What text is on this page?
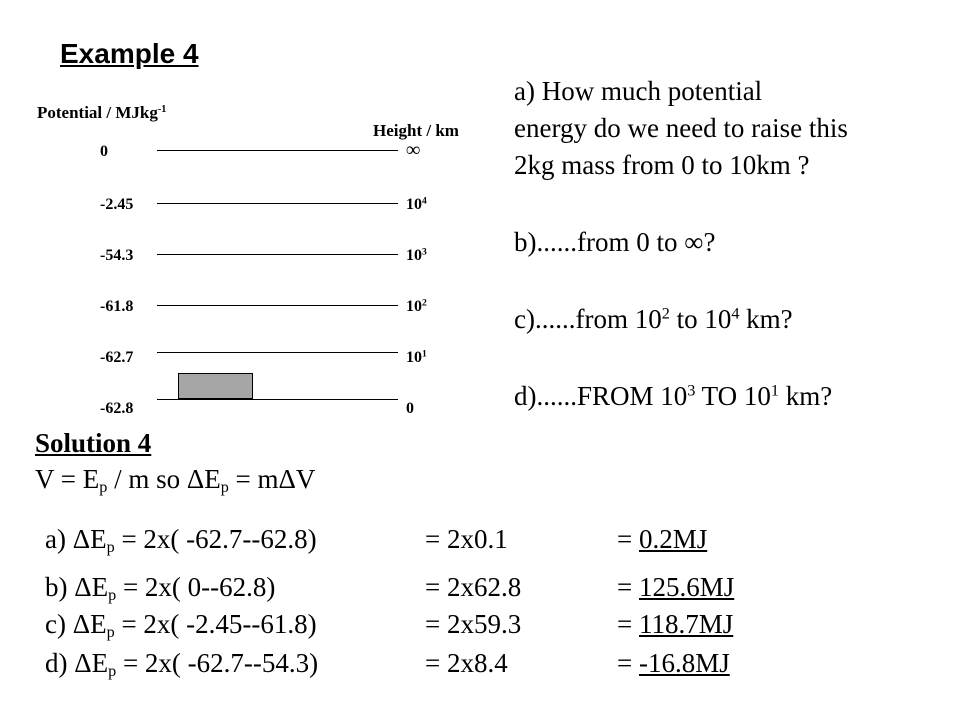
Example 4
Potential / MJkg$^{-1}$
Height / km
0	∞
-2.45	$10^4$
-54.3	$10^3$
-61.8	$10^2$
-62.7	$10^1$
-62.8	0
a) How much potential
energy do we need to raise this
2kg mass from 0 to 10km ?
b)......from 0 to ∞?
c)......from $10^2$ to $10^4$ km?
d)......FROM $10^3$ TO $10^1$ km?
Solution 4
$V = E_p / m$ so $\Delta E_p = m\Delta V$
a) $\Delta E_p = 2x$( -62.7--62.8)	= 2x0.1	= 0.2MJ
b) $\Delta E_p = 2x$( 0--62.8)	= 2x62.8	= 125.6MJ
c) $\Delta E_p = 2x$( -2.45--61.8)	= 2x59.3	= 118.7MJ
d) $\Delta E_p = 2x$( -62.7--54.3)	= 2x8.4	= -16.8MJ
